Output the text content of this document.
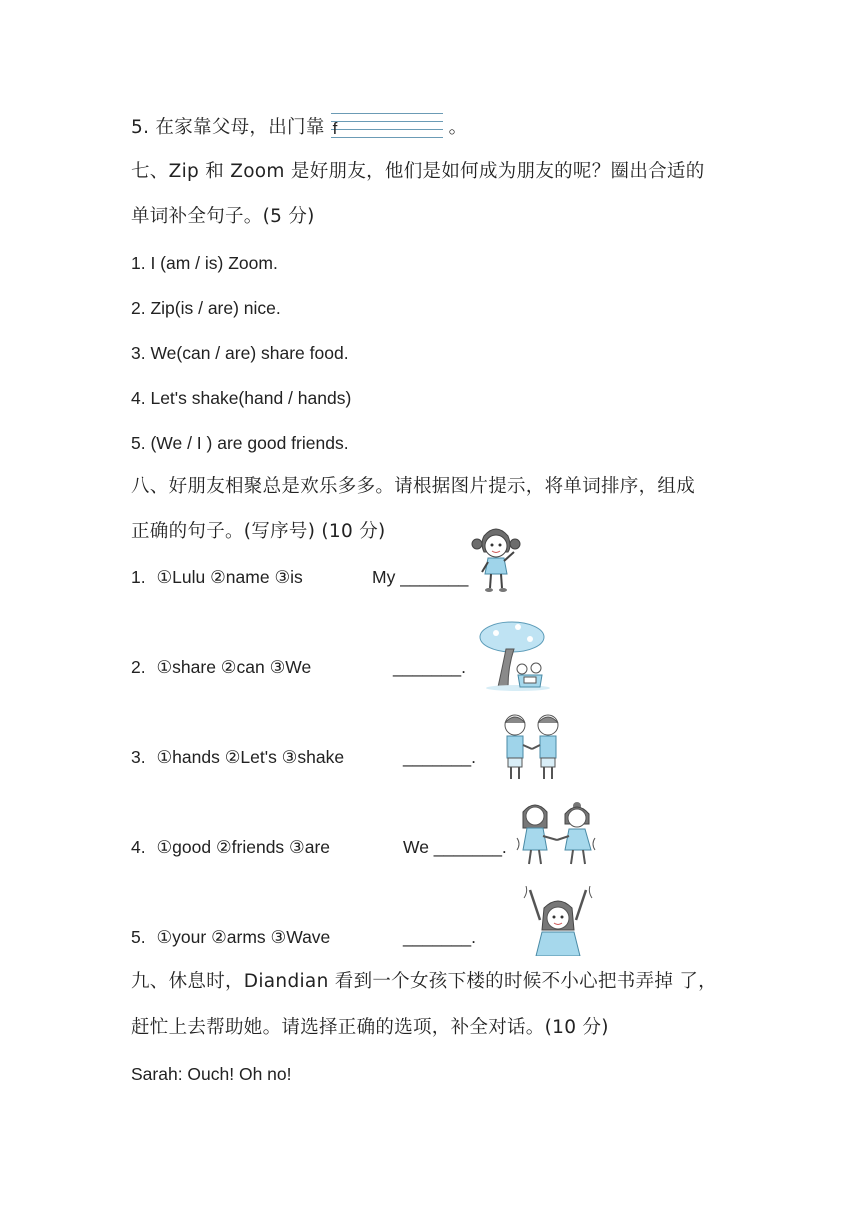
5. 在家靠父母，出门靠 f	。
七、Zip 和 Zoom 是好朋友，他们是如何成为朋友的呢？圈出合适的
单词补全句子。(5 分)
1. I (am / is) Zoom.
2. Zip(is / are) nice.
3. We(can / are) share food.
4. Let's shake(hand / hands)
5. (We / I ) are good friends.
八、好朋友相聚总是欢乐多多。请根据图片提示，将单词排序，组成
正确的句子。(写序号) (10 分)
1. ①Lulu ②name ③is	My _______
2. ①share ②can ③We	_______.
3. ①hands ②Let's ③shake	_______.
4. ①good ②friends ③are	We _______.
5. ①your ②arms ③Wave	_______.
九、休息时，Diandian 看到一个女孩下楼的时候不小心把书弄掉 了，
赶忙上去帮助她。请选择正确的选项，补全对话。(10 分)
Sarah: Ouch! Oh no!
